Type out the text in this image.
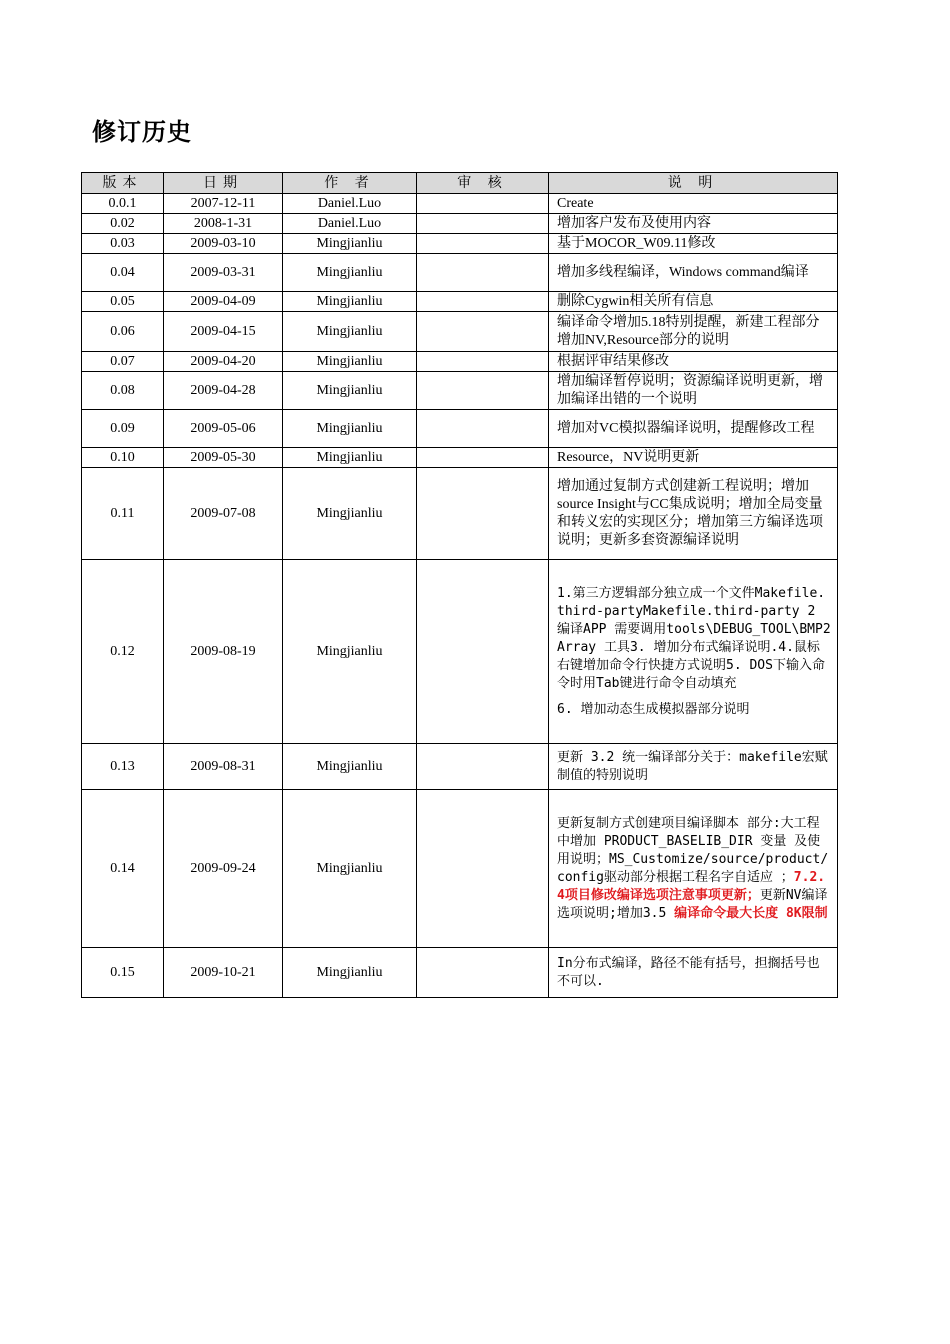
修订历史
版本	日期	作 者	审 核	说 明
0.0.1	2007-12-11	Daniel.Luo		Create
0.02	2008-1-31	Daniel.Luo		增加客户发布及使用内容
0.03	2009-03-10	Mingjianliu		基于MOCOR_W09.11修改
0.04	2009-03-31	Mingjianliu		增加多线程编译，Windows command编译
0.05	2009-04-09	Mingjianliu		删除Cygwin相关所有信息
0.06	2009-04-15	Mingjianliu		编译命令增加5.18特别提醒，新建工程部分增加NV,Resource部分的说明
0.07	2009-04-20	Mingjianliu		根据评审结果修改
0.08	2009-04-28	Mingjianliu		增加编译暂停说明；资源编译说明更新，增加编译出错的一个说明
0.09	2009-05-06	Mingjianliu		增加对VC模拟器编译说明，提醒修改工程
0.10	2009-05-30	Mingjianliu		Resource，NV说明更新
0.11	2009-07-08	Mingjianliu		增加通过复制方式创建新工程说明；增加 source Insight与CC集成说明；增加全局变量和转义宏的实现区分；增加第三方编译选项说明；更新多套资源编译说明
0.12	2009-08-19	Mingjianliu		1.第三方逻辑部分独立成一个文件Makefile.third-partyMakefile.third-party 2 编译APP 需要调用tools\DEBUG_TOOL\BMP2Array 工具3. 增加分布式编译说明.4.鼠标右键增加命令行快捷方式说明5. DOS下输入命令时用Tab键进行命令自动填充
6. 增加动态生成模拟器部分说明
0.13	2009-08-31	Mingjianliu		更新 3.2 统一编译部分关于：makefile宏赋制值的特别说明
0.14	2009-09-24	Mingjianliu		更新复制方式创建项目编译脚本 部分:大工程中增加 PRODUCT_BASELIB_DIR 变量 及使用说明；MS_Customize/source/product/config驱动部分根据工程名字自适应 ；7.2.4项目修改编译选项注意事项更新；更新NV编译选项说明;增加3.5 编译命令最大长度 8K限制
0.15	2009-10-21	Mingjianliu		In分布式编译，路径不能有括号，担搁括号也不可以.
